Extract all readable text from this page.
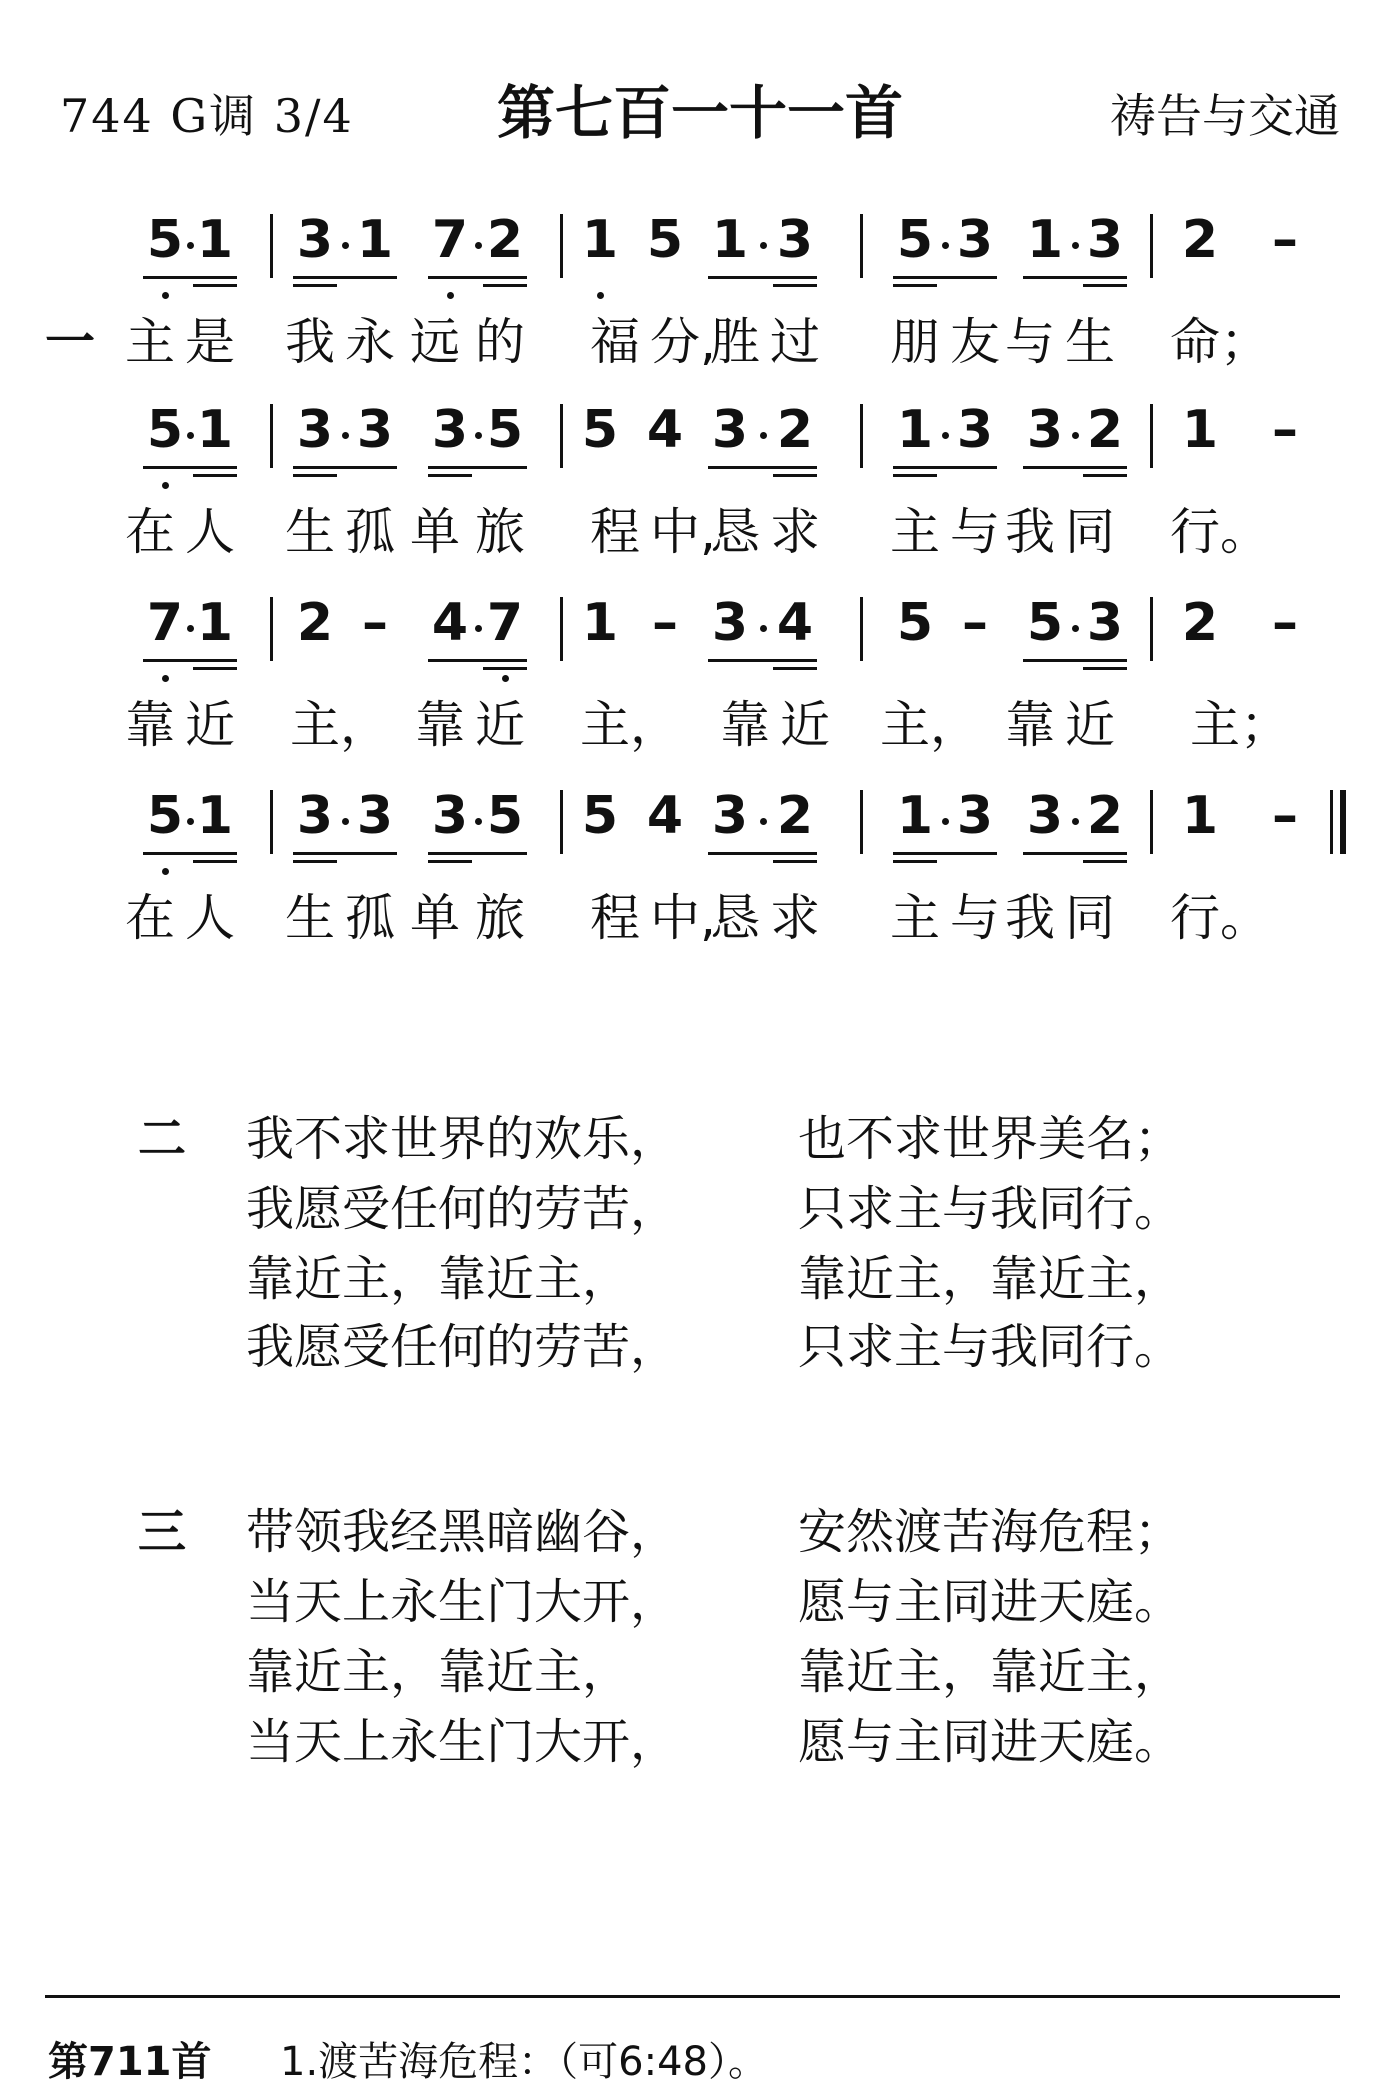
744 G调 3/4	第七百一十一首	祷告与交通
5 1 3 1 7 2 1 5 1 3 5 3 1 3 2 –
一 主 是 我 永 远 的 福 分,
胜 过 朋 友 与 生 命；
5 1 3 3 3 5 5 4 3 2 1 3 3 2 1 –
在 人 生 孤 单 旅 程 中,
恳 求 主 与 我 同 行。
7 1 2 – 4 7 1 – 3 4 5 – 5 3 2 –
靠 近 主， 靠 近 主， 靠 近 主， 靠 近 主；
5 1 3 3 3 5 5 4 3 2 1 3 3 2 1 –
在 人 生 孤 单 旅 程 中,
恳 求 主 与 我 同 行。
二 我不求世界的欢乐， 也不求世界美名；
我愿受任何的劳苦， 只求主与我同行。
靠近主，靠近主，	靠近主，靠近主，
我愿受任何的劳苦， 只求主与我同行。
三 带领我经黑暗幽谷， 安然渡苦海危程；
当天上永生门大开， 愿与主同进天庭。
靠近主，靠近主，	靠近主，靠近主，
当天上永生门大开， 愿与主同进天庭。
第711首 1.渡苦海危程：（可6:48）。
